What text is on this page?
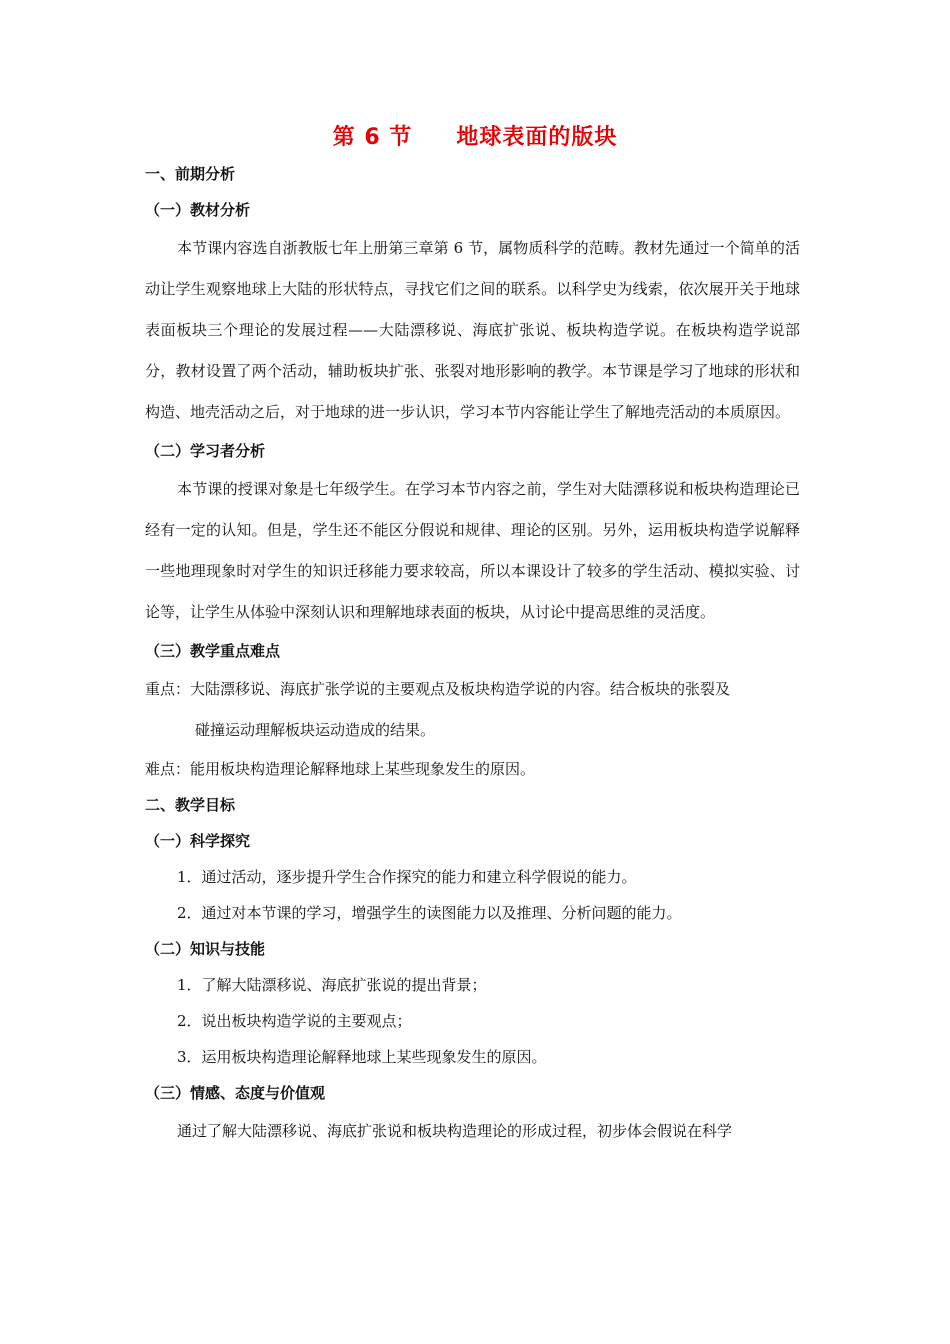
第 6 节 地球表面的版块
一、前期分析
（一）教材分析

本节课内容选自浙教版七年上册第三章第 6 节，属物质科学的范畴。教材先通过一个简单的活动让学生观察地球上大陆的形状特点，寻找它们之间的联系。以科学史为线索，依次展开关于地球表面板块三个理论的发展过程——大陆漂移说、海底扩张说、板块构造学说。在板块构造学说部分，教材设置了两个活动，辅助板块扩张、张裂对地形影响的教学。本节课是学习了地球的形状和构造、地壳活动之后，对于地球的进一步认识，学习本节内容能让学生了解地壳活动的本质原因。

（二）学习者分析

本节课的授课对象是七年级学生。在学习本节内容之前，学生对大陆漂移说和板块构造理论已经有一定的认知。但是，学生还不能区分假说和规律、理论的区别。另外，运用板块构造学说解释一些地理现象时对学生的知识迁移能力要求较高，所以本课设计了较多的学生活动、模拟实验、讨论等，让学生从体验中深刻认识和理解地球表面的板块，从讨论中提高思维的灵活度。

（三）教学重点难点
重点：大陆漂移说、海底扩张学说的主要观点及板块构造学说的内容。结合板块的张裂及
碰撞运动理解板块运动造成的结果。
难点：能用板块构造理论解释地球上某些现象发生的原因。
二、教学目标
（一）科学探究
1．通过活动，逐步提升学生合作探究的能力和建立科学假说的能力。
2．通过对本节课的学习，增强学生的读图能力以及推理、分析问题的能力。
（二）知识与技能
1．了解大陆漂移说、海底扩张说的提出背景；
2．说出板块构造学说的主要观点；
3．运用板块构造理论解释地球上某些现象发生的原因。
（三）情感、态度与价值观

通过了解大陆漂移说、海底扩张说和板块构造理论的形成过程，初步体会假说在科学
